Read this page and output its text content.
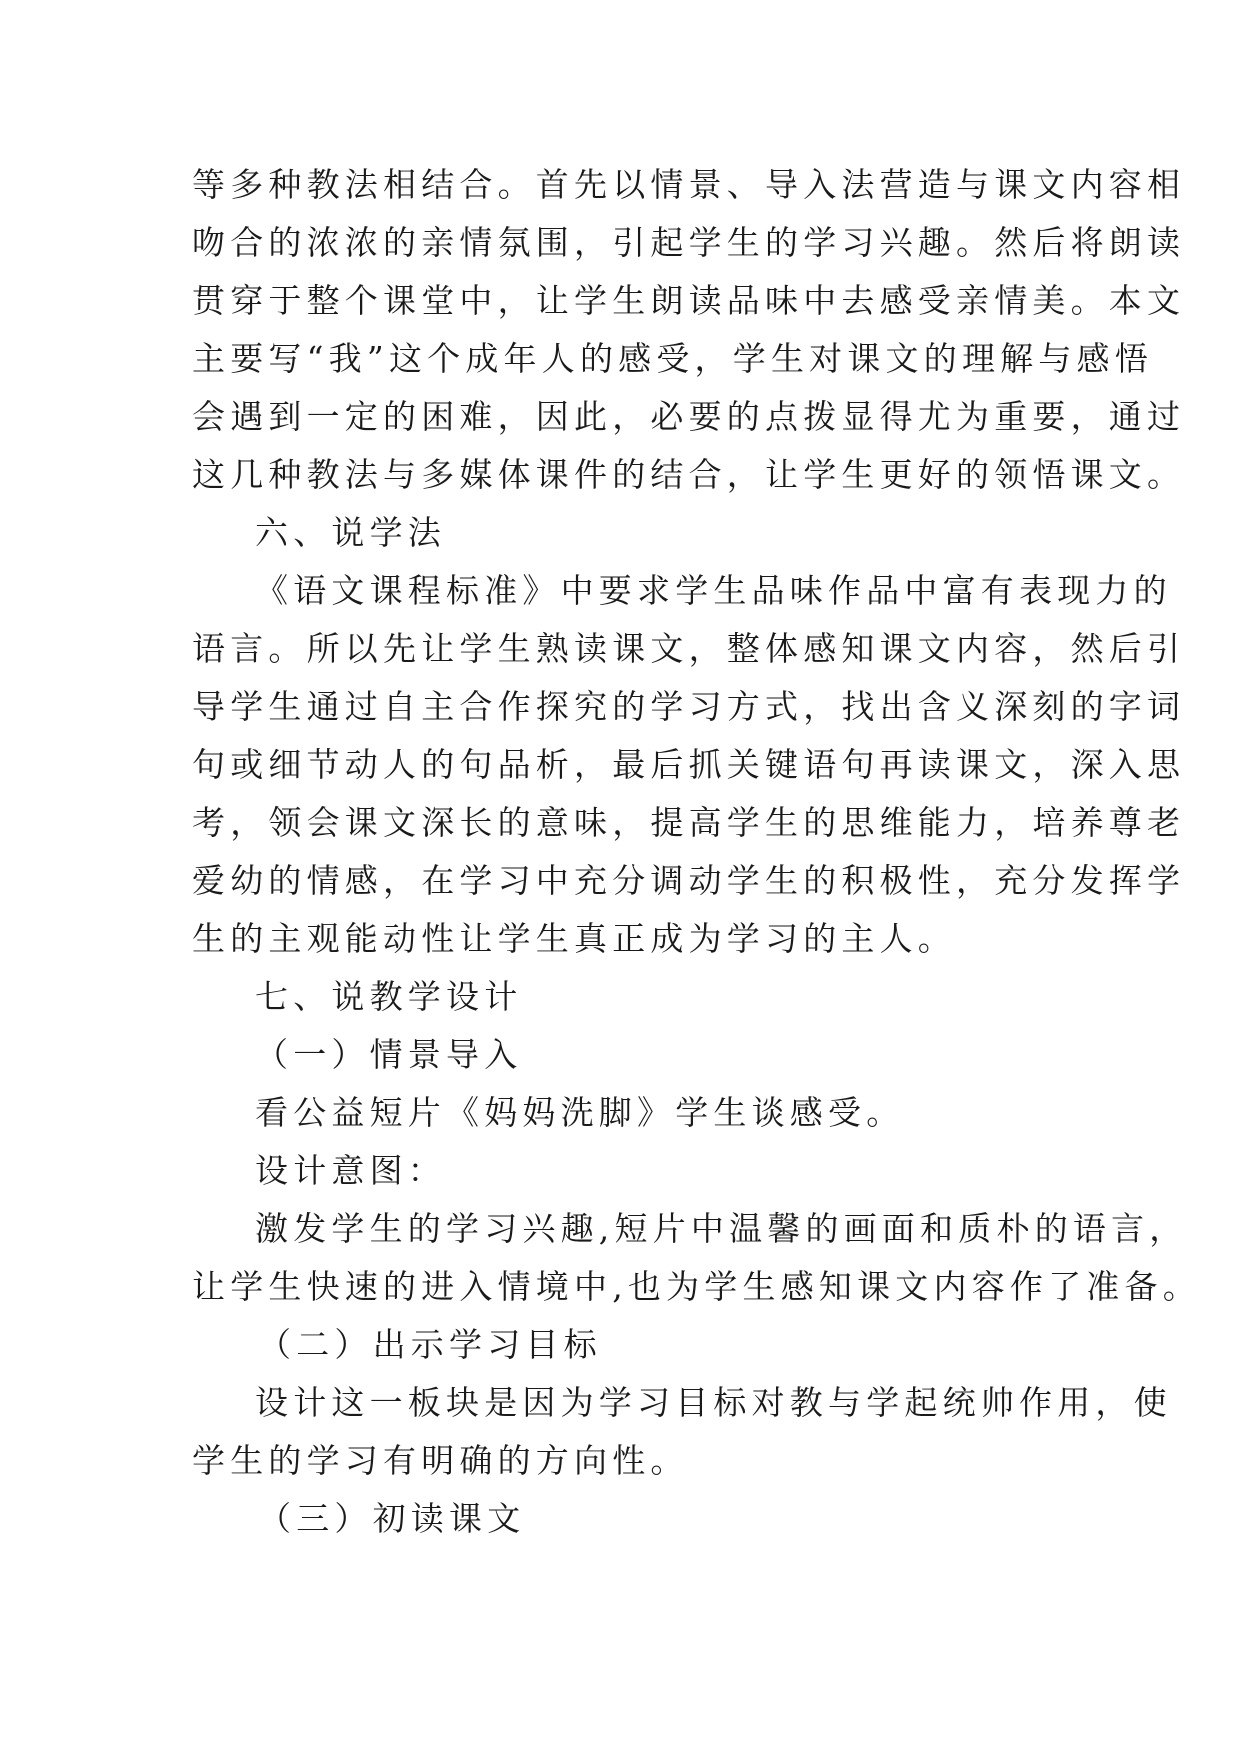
等多种教法相结合。首先以情景、导入法营造与课文内容相
吻合的浓浓的亲情氛围，引起学生的学习兴趣。然后将朗读
贯穿于整个课堂中，让学生朗读品味中去感受亲情美。本文
主要写“我”这个成年人的感受，学生对课文的理解与感悟
会遇到一定的困难，因此，必要的点拨显得尤为重要，通过
这几种教法与多媒体课件的结合，让学生更好的领悟课文。
六、说学法
《语文课程标准》中要求学生品味作品中富有表现力的
语言。所以先让学生熟读课文，整体感知课文内容，然后引
导学生通过自主合作探究的学习方式，找出含义深刻的字词
句或细节动人的句品析，最后抓关键语句再读课文，深入思
考，领会课文深长的意味，提高学生的思维能力，培养尊老
爱幼的情感，在学习中充分调动学生的积极性，充分发挥学
生的主观能动性让学生真正成为学习的主人。
七、说教学设计
（一）情景导入
看公益短片《妈妈洗脚》学生谈感受。
设计意图：
激发学生的学习兴趣,短片中温馨的画面和质朴的语言，
让学生快速的进入情境中,也为学生感知课文内容作了准备。
（二）出示学习目标
设计这一板块是因为学习目标对教与学起统帅作用，使
学生的学习有明确的方向性。
（三）初读课文
